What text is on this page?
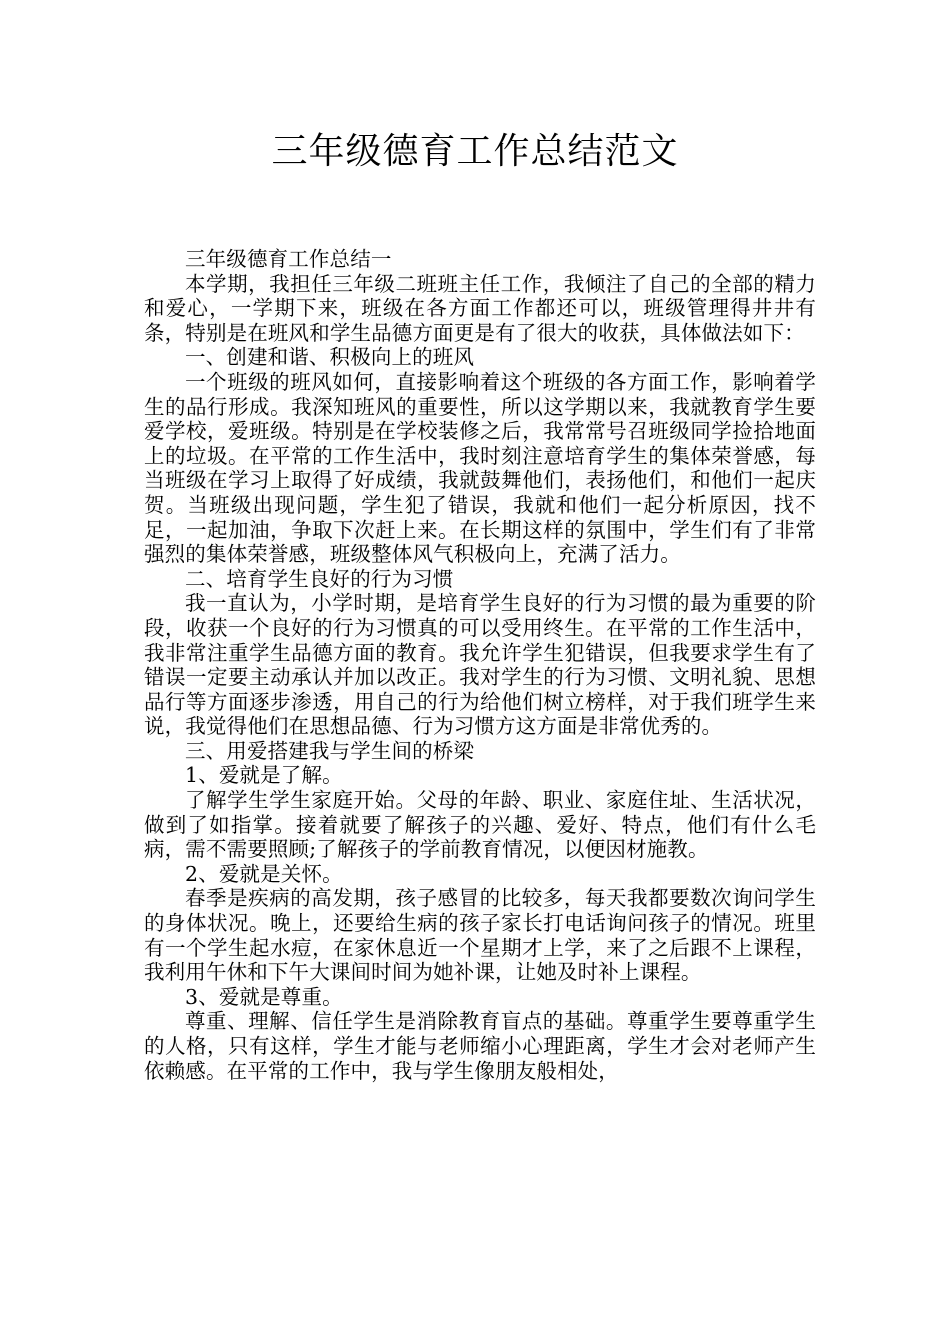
三年级德育工作总结范文

三年级德育工作总结一

本学期，我担任三年级二班班主任工作，我倾注了自己的全部的精力和爱心，一学期下来，班级在各方面工作都还可以，班级管理得井井有条，特别是在班风和学生品德方面更是有了很大的收获，具体做法如下：

一、创建和谐、积极向上的班风

一个班级的班风如何，直接影响着这个班级的各方面工作，影响着学生的品行形成。我深知班风的重要性，所以这学期以来，我就教育学生要爱学校，爱班级。特别是在学校装修之后，我常常号召班级同学捡拾地面上的垃圾。在平常的工作生活中，我时刻注意培育学生的集体荣誉感，每当班级在学习上取得了好成绩，我就鼓舞他们，表扬他们，和他们一起庆贺。当班级出现问题，学生犯了错误，我就和他们一起分析原因，找不足，一起加油，争取下次赶上来。在长期这样的氛围中，学生们有了非常强烈的集体荣誉感，班级整体风气积极向上，充满了活力。

二、培育学生良好的行为习惯

我一直认为，小学时期，是培育学生良好的行为习惯的最为重要的阶段，收获一个良好的行为习惯真的可以受用终生。在平常的工作生活中，我非常注重学生品德方面的教育。我允许学生犯错误，但我要求学生有了错误一定要主动承认并加以改正。我对学生的行为习惯、文明礼貌、思想品行等方面逐步渗透，用自己的行为给他们树立榜样，对于我们班学生来说，我觉得他们在思想品德、行为习惯方这方面是非常优秀的。

三、用爱搭建我与学生间的桥梁

1、爱就是了解。

了解学生学生家庭开始。父母的年龄、职业、家庭住址、生活状况，做到了如指掌。接着就要了解孩子的兴趣、爱好、特点，他们有什么毛病，需不需要照顾;了解孩子的学前教育情况，以便因材施教。

2、爱就是关怀。

春季是疾病的高发期，孩子感冒的比较多，每天我都要数次询问学生的身体状况。晚上，还要给生病的孩子家长打电话询问孩子的情况。班里有一个学生起水痘，在家休息近一个星期才上学，来了之后跟不上课程，我利用午休和下午大课间时间为她补课，让她及时补上课程。

3、爱就是尊重。

尊重、理解、信任学生是消除教育盲点的基础。尊重学生要尊重学生的人格，只有这样，学生才能与老师缩小心理距离，学生才会对老师产生依赖感。在平常的工作中，我与学生像朋友般相处，
